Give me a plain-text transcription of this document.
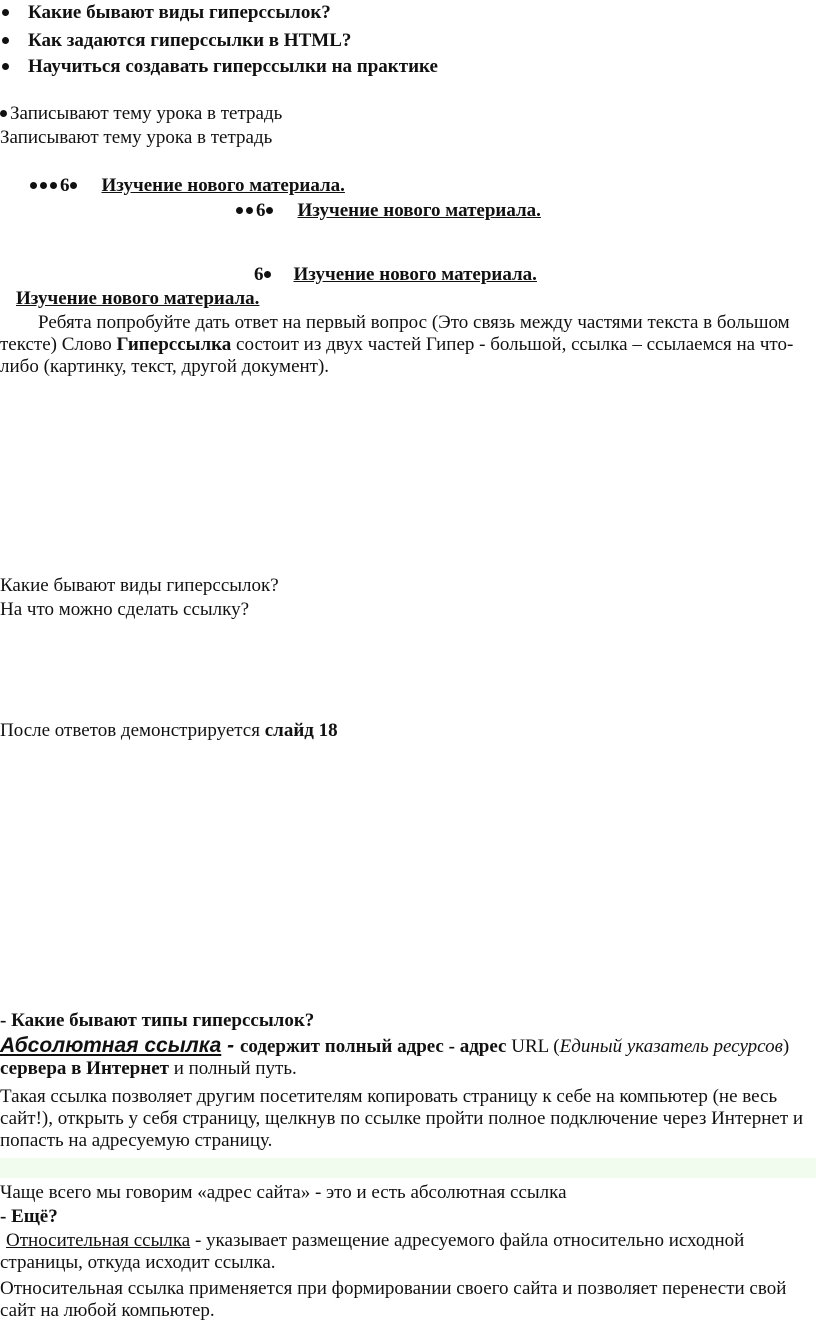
Какие бывают виды гиперссылок?
Как задаются гиперссылки в HTML?
Научиться создавать гиперссылки на практике
Записывают тему урока в тетрадь
Записывают тему урока в тетрадь
6 Изучение нового материала.
6 Изучение нового материала.
6 Изучение нового материала.
Изучение нового материала.
Ребята попробуйте дать ответ на первый вопрос (Это связь между частями текста в большом тексте) Слово Гиперссылка состоит из двух частей Гипер - большой, ссылка – ссылаемся на что-либо (картинку, текст, другой документ).
Какие бывают виды гиперссылок?
На что можно сделать ссылку?
После ответов демонстрируется слайд 18
- Какие бывают типы гиперссылок?
Абсолютная ссылка - содержит полный адрес - адрес URL (Единый указатель ресурсов) сервера в Интернет и полный путь.
Такая ссылка позволяет другим посетителям копировать страницу к себе на компьютер (не весь сайт!), открыть у себя страницу, щелкнув по ссылке пройти полное подключение через Интернет и попасть на адресуемую страницу.
Чаще всего мы говорим «адрес сайта» - это и есть абсолютная ссылка
- Ещё?
Относительная ссылка - указывает размещение адресуемого файла относительно исходной страницы, откуда исходит ссылка.
Относительная ссылка применяется при формировании своего сайта и позволяет перенести свой сайт на любой компьютер.
